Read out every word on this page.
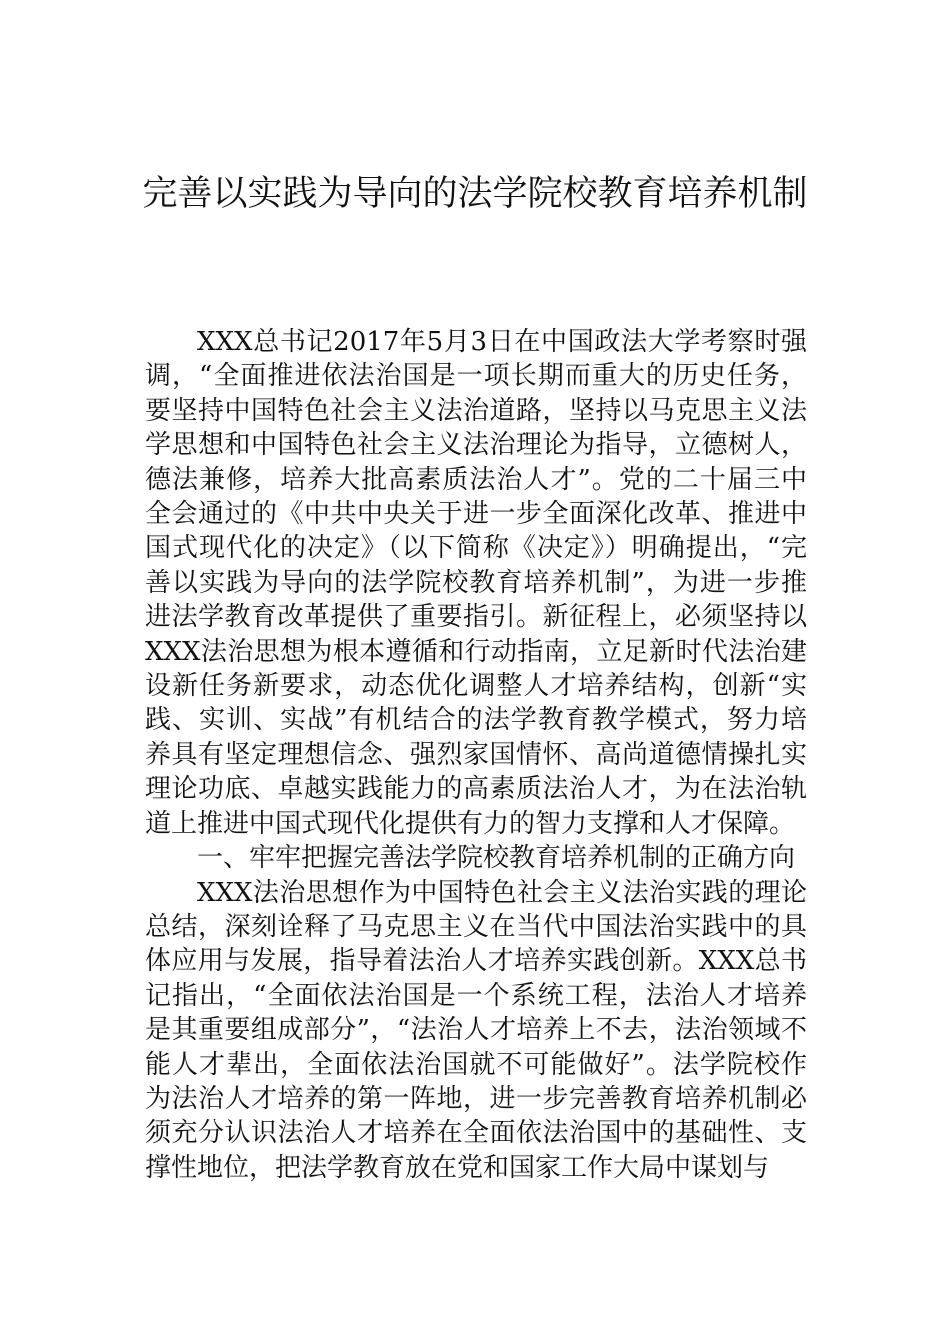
完善以实践为导向的法学院校教育培养机制

XXX总书记2017年5月3日在中国政法大学考察时强调，“全面推进依法治国是一项长期而重大的历史任务，要坚持中国特色社会主义法治道路，坚持以马克思主义法学思想和中国特色社会主义法治理论为指导，立德树人，德法兼修，培养大批高素质法治人才”。党的二十届三中全会通过的《中共中央关于进一步全面深化改革、推进中国式现代化的决定》（以下简称《决定》）明确提出，“完善以实践为导向的法学院校教育培养机制”，为进一步推进法学教育改革提供了重要指引。新征程上，必须坚持以XXX法治思想为根本遵循和行动指南，立足新时代法治建设新任务新要求，动态优化调整人才培养结构，创新“实践、实训、实战”有机结合的法学教育教学模式，努力培养具有坚定理想信念、强烈家国情怀、高尚道德情操扎实理论功底、卓越实践能力的高素质法治人才，为在法治轨道上推进中国式现代化提供有力的智力支撑和人才保障。

一、牢牢把握完善法学院校教育培养机制的正确方向

XXX法治思想作为中国特色社会主义法治实践的理论总结，深刻诠释了马克思主义在当代中国法治实践中的具体应用与发展，指导着法治人才培养实践创新。XXX总书记指出，“全面依法治国是一个系统工程，法治人才培养是其重要组成部分”，“法治人才培养上不去，法治领域不能人才辈出，全面依法治国就不可能做好”。法学院校作为法治人才培养的第一阵地，进一步完善教育培养机制必须充分认识法治人才培养在全面依法治国中的基础性、支撑性地位，把法学教育放在党和国家工作大局中谋划与
